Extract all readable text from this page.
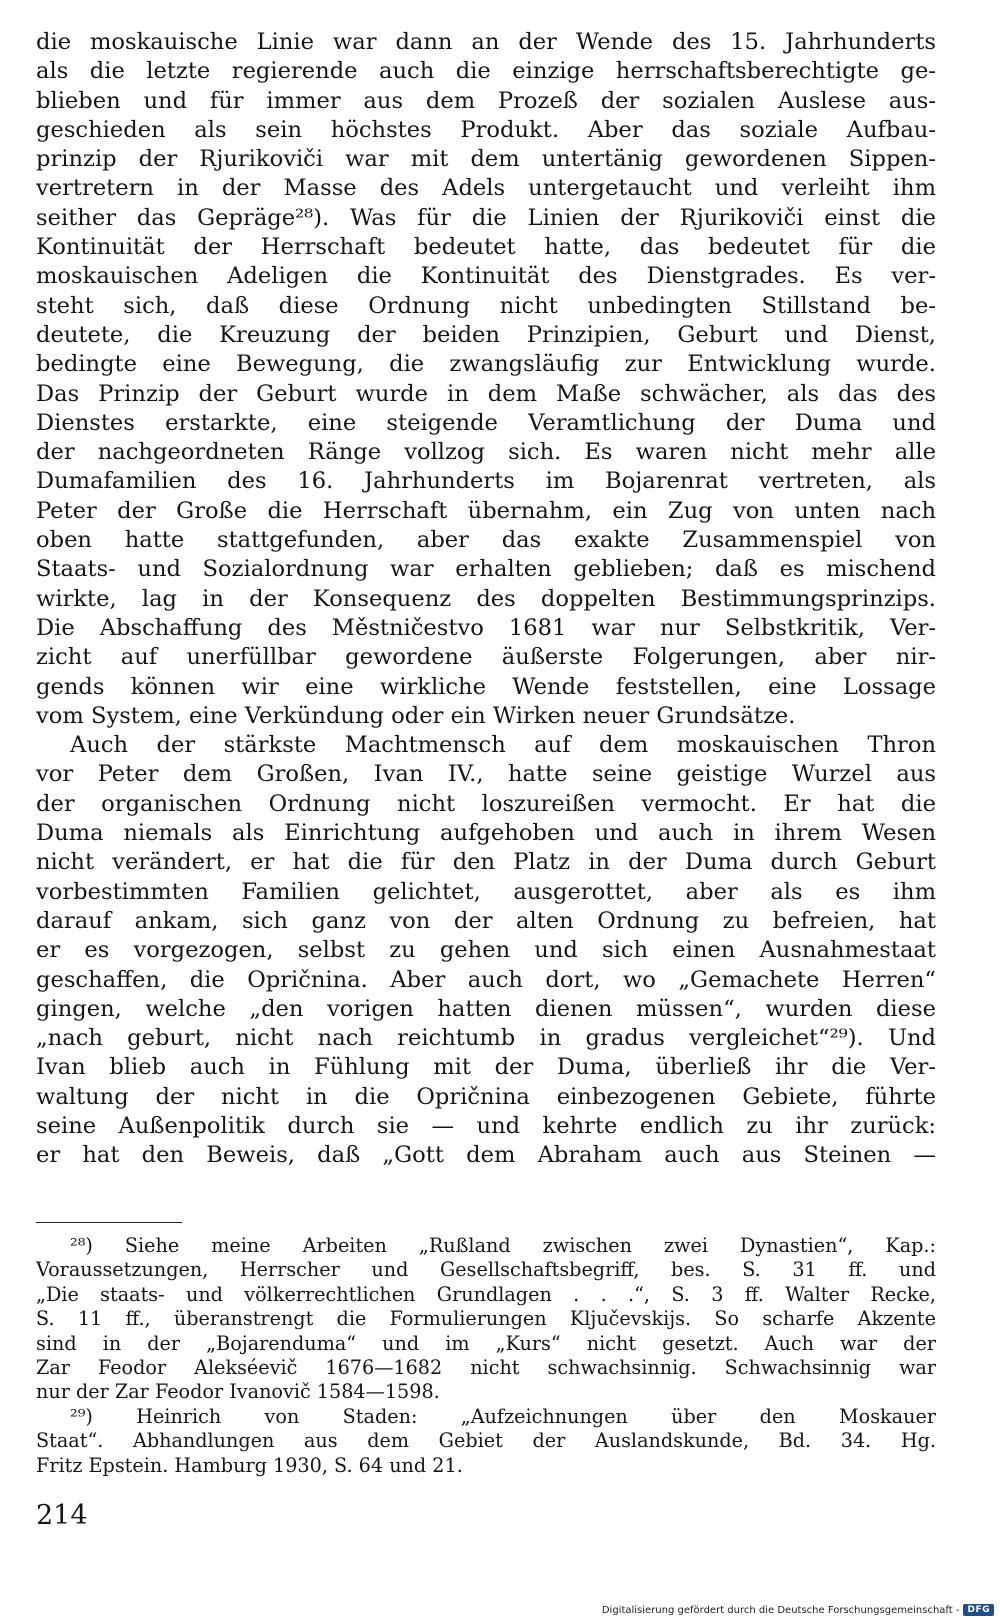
die moskauische Linie war dann an der Wende des 15. Jahrhunderts
als die letzte regierende auch die einzige herrschaftsberechtigte ge-
blieben und für immer aus dem Prozeß der sozialen Auslese aus-
geschieden als sein höchstes Produkt. Aber das soziale Aufbau-
prinzip der Rjurikoviči war mit dem untertänig gewordenen Sippen-
vertretern in der Masse des Adels untergetaucht und verleiht ihm
seither das Gepräge²⁸). Was für die Linien der Rjurikoviči einst die
Kontinuität der Herrschaft bedeutet hatte, das bedeutet für die
moskauischen Adeligen die Kontinuität des Dienstgrades. Es ver-
steht sich, daß diese Ordnung nicht unbedingten Stillstand be-
deutete, die Kreuzung der beiden Prinzipien, Geburt und Dienst,
bedingte eine Bewegung, die zwangsläufig zur Entwicklung wurde.
Das Prinzip der Geburt wurde in dem Maße schwächer, als das des
Dienstes erstarkte, eine steigende Veramtlichung der Duma und
der nachgeordneten Ränge vollzog sich. Es waren nicht mehr alle
Dumafamilien des 16. Jahrhunderts im Bojarenrat vertreten, als
Peter der Große die Herrschaft übernahm, ein Zug von unten nach
oben hatte stattgefunden, aber das exakte Zusammenspiel von
Staats- und Sozialordnung war erhalten geblieben; daß es mischend
wirkte, lag in der Konsequenz des doppelten Bestimmungsprinzips.
Die Abschaffung des Městničestvo 1681 war nur Selbstkritik, Ver-
zicht auf unerfüllbar gewordene äußerste Folgerungen, aber nir-
gends können wir eine wirkliche Wende feststellen, eine Lossage
vom System, eine Verkündung oder ein Wirken neuer Grundsätze.
Auch der stärkste Machtmensch auf dem moskauischen Thron
vor Peter dem Großen, Ivan IV., hatte seine geistige Wurzel aus
der organischen Ordnung nicht loszureißen vermocht. Er hat die
Duma niemals als Einrichtung aufgehoben und auch in ihrem Wesen
nicht verändert, er hat die für den Platz in der Duma durch Geburt
vorbestimmten Familien gelichtet, ausgerottet, aber als es ihm
darauf ankam, sich ganz von der alten Ordnung zu befreien, hat
er es vorgezogen, selbst zu gehen und sich einen Ausnahmestaat
geschaffen, die Opričnina. Aber auch dort, wo „Gemachete Herren“
gingen, welche „den vorigen hatten dienen müssen“, wurden diese
„nach geburt, nicht nach reichtumb in gradus vergleichet“²⁹). Und
Ivan blieb auch in Fühlung mit der Duma, überließ ihr die Ver-
waltung der nicht in die Opričnina einbezogenen Gebiete, führte
seine Außenpolitik durch sie — und kehrte endlich zu ihr zurück:
er hat den Beweis, daß „Gott dem Abraham auch aus Steinen —
²⁸) Siehe meine Arbeiten „Rußland zwischen zwei Dynastien“, Kap.:
Voraussetzungen, Herrscher und Gesellschaftsbegriff, bes. S. 31 ff. und
„Die staats- und völkerrechtlichen Grundlagen . . .“, S. 3 ff. Walter Recke,
S. 11 ff., überanstrengt die Formulierungen Ključevskijs. So scharfe Akzente
sind in der „Bojarenduma“ und im „Kurs“ nicht gesetzt. Auch war der
Zar Feodor Alekséevič 1676—1682 nicht schwachsinnig. Schwachsinnig war
nur der Zar Feodor Ivanovič 1584—1598.
²⁹) Heinrich von Staden: „Aufzeichnungen über den Moskauer
Staat“. Abhandlungen aus dem Gebiet der Auslandskunde, Bd. 34. Hg.
Fritz Epstein. Hamburg 1930, S. 64 und 21.
214
Digitalisierung gefördert durch die Deutsche Forschungsgemeinschaft - DFG
